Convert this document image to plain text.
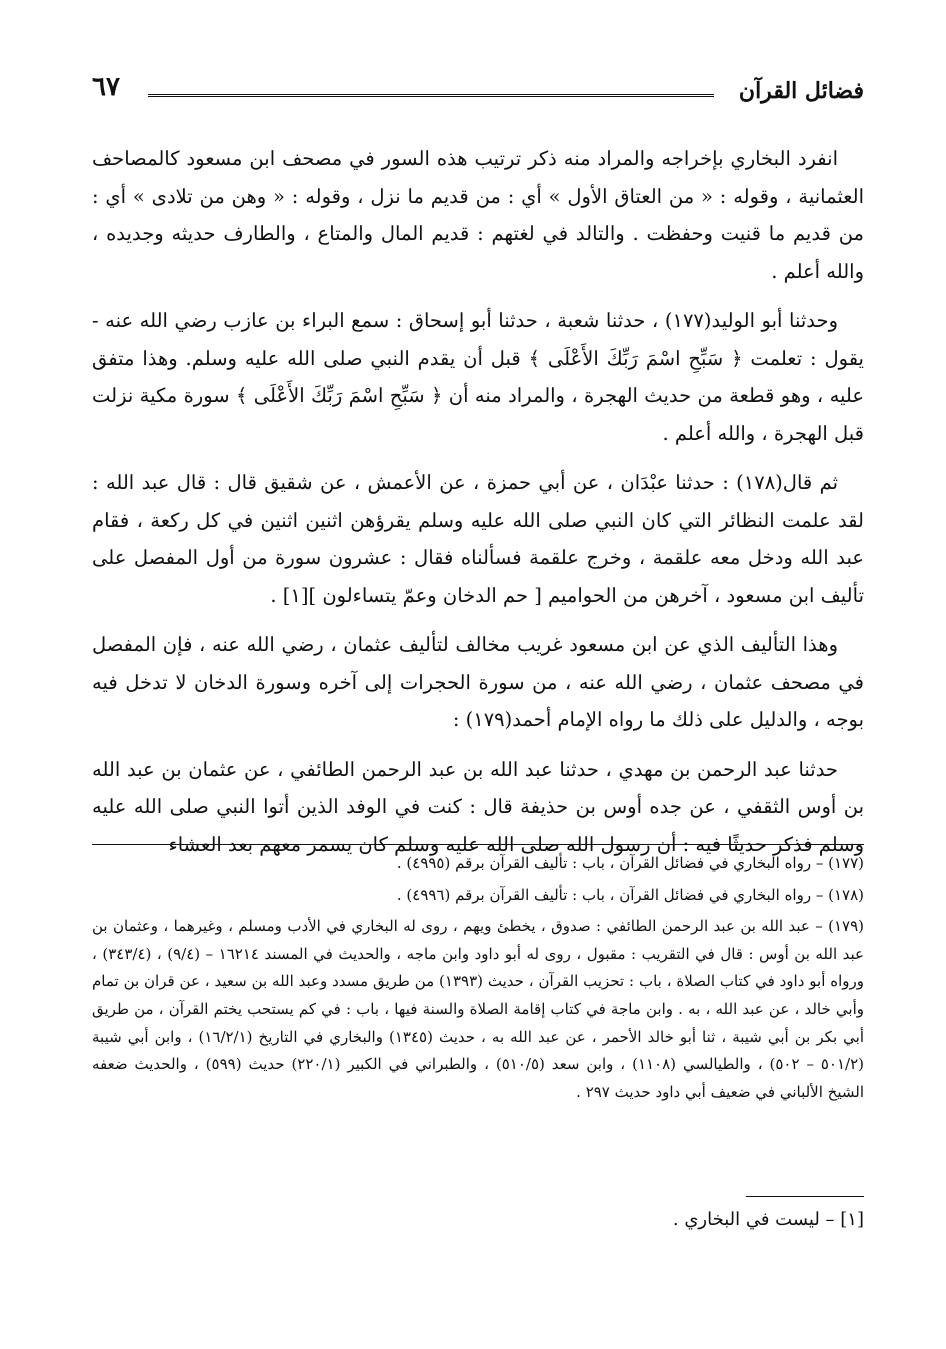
فضائل القرآن
٦٧

انفرد البخاري بإخراجه والمراد منه ذكر ترتيب هذه السور في مصحف ابن مسعود كالمصاحف العثمانية ، وقوله : « من العتاق الأول » أي : من قديم ما نزل ، وقوله : « وهن من تلادى » أي : من قديم ما قنيت وحفظت . والتالد في لغتهم : قديم المال والمتاع ، والطارف حديثه وجديده ، والله أعلم .

وحدثنا أبو الوليد(١٧٧) ، حدثنا شعبة ، حدثنا أبو إسحاق : سمع البراء بن عازب رضي الله عنه - يقول : تعلمت ﴿ سَبِّحِ اسْمَ رَبِّكَ الأَعْلَى ﴾ قبل أن يقدم النبي صلى الله عليه وسلم. وهذا متفق عليه ، وهو قطعة من حديث الهجرة ، والمراد منه أن ﴿ سَبِّحِ اسْمَ رَبِّكَ الأَعْلَى ﴾ سورة مكية نزلت قبل الهجرة ، والله أعلم .

ثم قال(١٧٨) : حدثنا عبْدَان ، عن أبي حمزة ، عن الأعمش ، عن شقيق قال : قال عبد الله : لقد علمت النظائر التي كان النبي صلى الله عليه وسلم يقرؤهن اثنين اثنين في كل ركعة ، فقام عبد الله ودخل معه علقمة ، وخرج علقمة فسألناه فقال : عشرون سورة من أول المفصل على تأليف ابن مسعود ، آخرهن من الحواميم [ حم الدخان وعمّ يتساءلون ][١] .

وهذا التأليف الذي عن ابن مسعود غريب مخالف لتأليف عثمان ، رضي الله عنه ، فإن المفصل في مصحف عثمان ، رضي الله عنه ، من سورة الحجرات إلى آخره وسورة الدخان لا تدخل فيه بوجه ، والدليل على ذلك ما رواه الإمام أحمد(١٧٩) :

حدثنا عبد الرحمن بن مهدي ، حدثنا عبد الله بن عبد الرحمن الطائفي ، عن عثمان بن عبد الله بن أوس الثقفي ، عن جده أوس بن حذيفة قال : كنت في الوفد الذين أتوا النبي صلى الله عليه وسلم فذكر حديثًا فيه : أن رسول الله صلى الله عليه وسلم كان يسمر معهم بعد العشاء

(١٧٧) – رواه البخاري في فضائل القرآن ، باب : تأليف القرآن برقم (٤٩٩٥) .

(١٧٨) – رواه البخاري في فضائل القرآن ، باب : تأليف القرآن برقم (٤٩٩٦) .

(١٧٩) – عبد الله بن عبد الرحمن الطائفي : صدوق ، يخطئ ويهم ، روى له البخاري في الأدب ومسلم ، وغيرهما ، وعثمان بن عبد الله بن أوس : قال في التقريب : مقبول ، روى له أبو داود وابن ماجه ، والحديث في المسند ١٦٢١٤ – (٩/٤) ، (٣٤٣/٤) ، ورواه أبو داود في كتاب الصلاة ، باب : تحزيب القرآن ، حديث (١٣٩٣) من طريق مسدد وعبد الله بن سعيد ، عن قران بن تمام وأبي خالد ، عن عبد الله ، به . وابن ماجة في كتاب إقامة الصلاة والسنة فيها ، باب : في كم يستحب يختم القرآن ، من طريق أبي بكر بن أبي شيبة ، ثنا أبو خالد الأحمر ، عن عبد الله به ، حديث (١٣٤٥) والبخاري في التاريخ (١٦/٢/١) ، وابن أبي شيبة (٥٠١/٢ – ٥٠٢) ، والطيالسي (١١٠٨) ، وابن سعد (٥١٠/٥) ، والطبراني في الكبير (٢٢٠/١) حديث (٥٩٩) ، والحديث ضعفه الشيخ الألباني في ضعيف أبي داود حديث ٢٩٧ .

[١] – ليست في البخاري .
